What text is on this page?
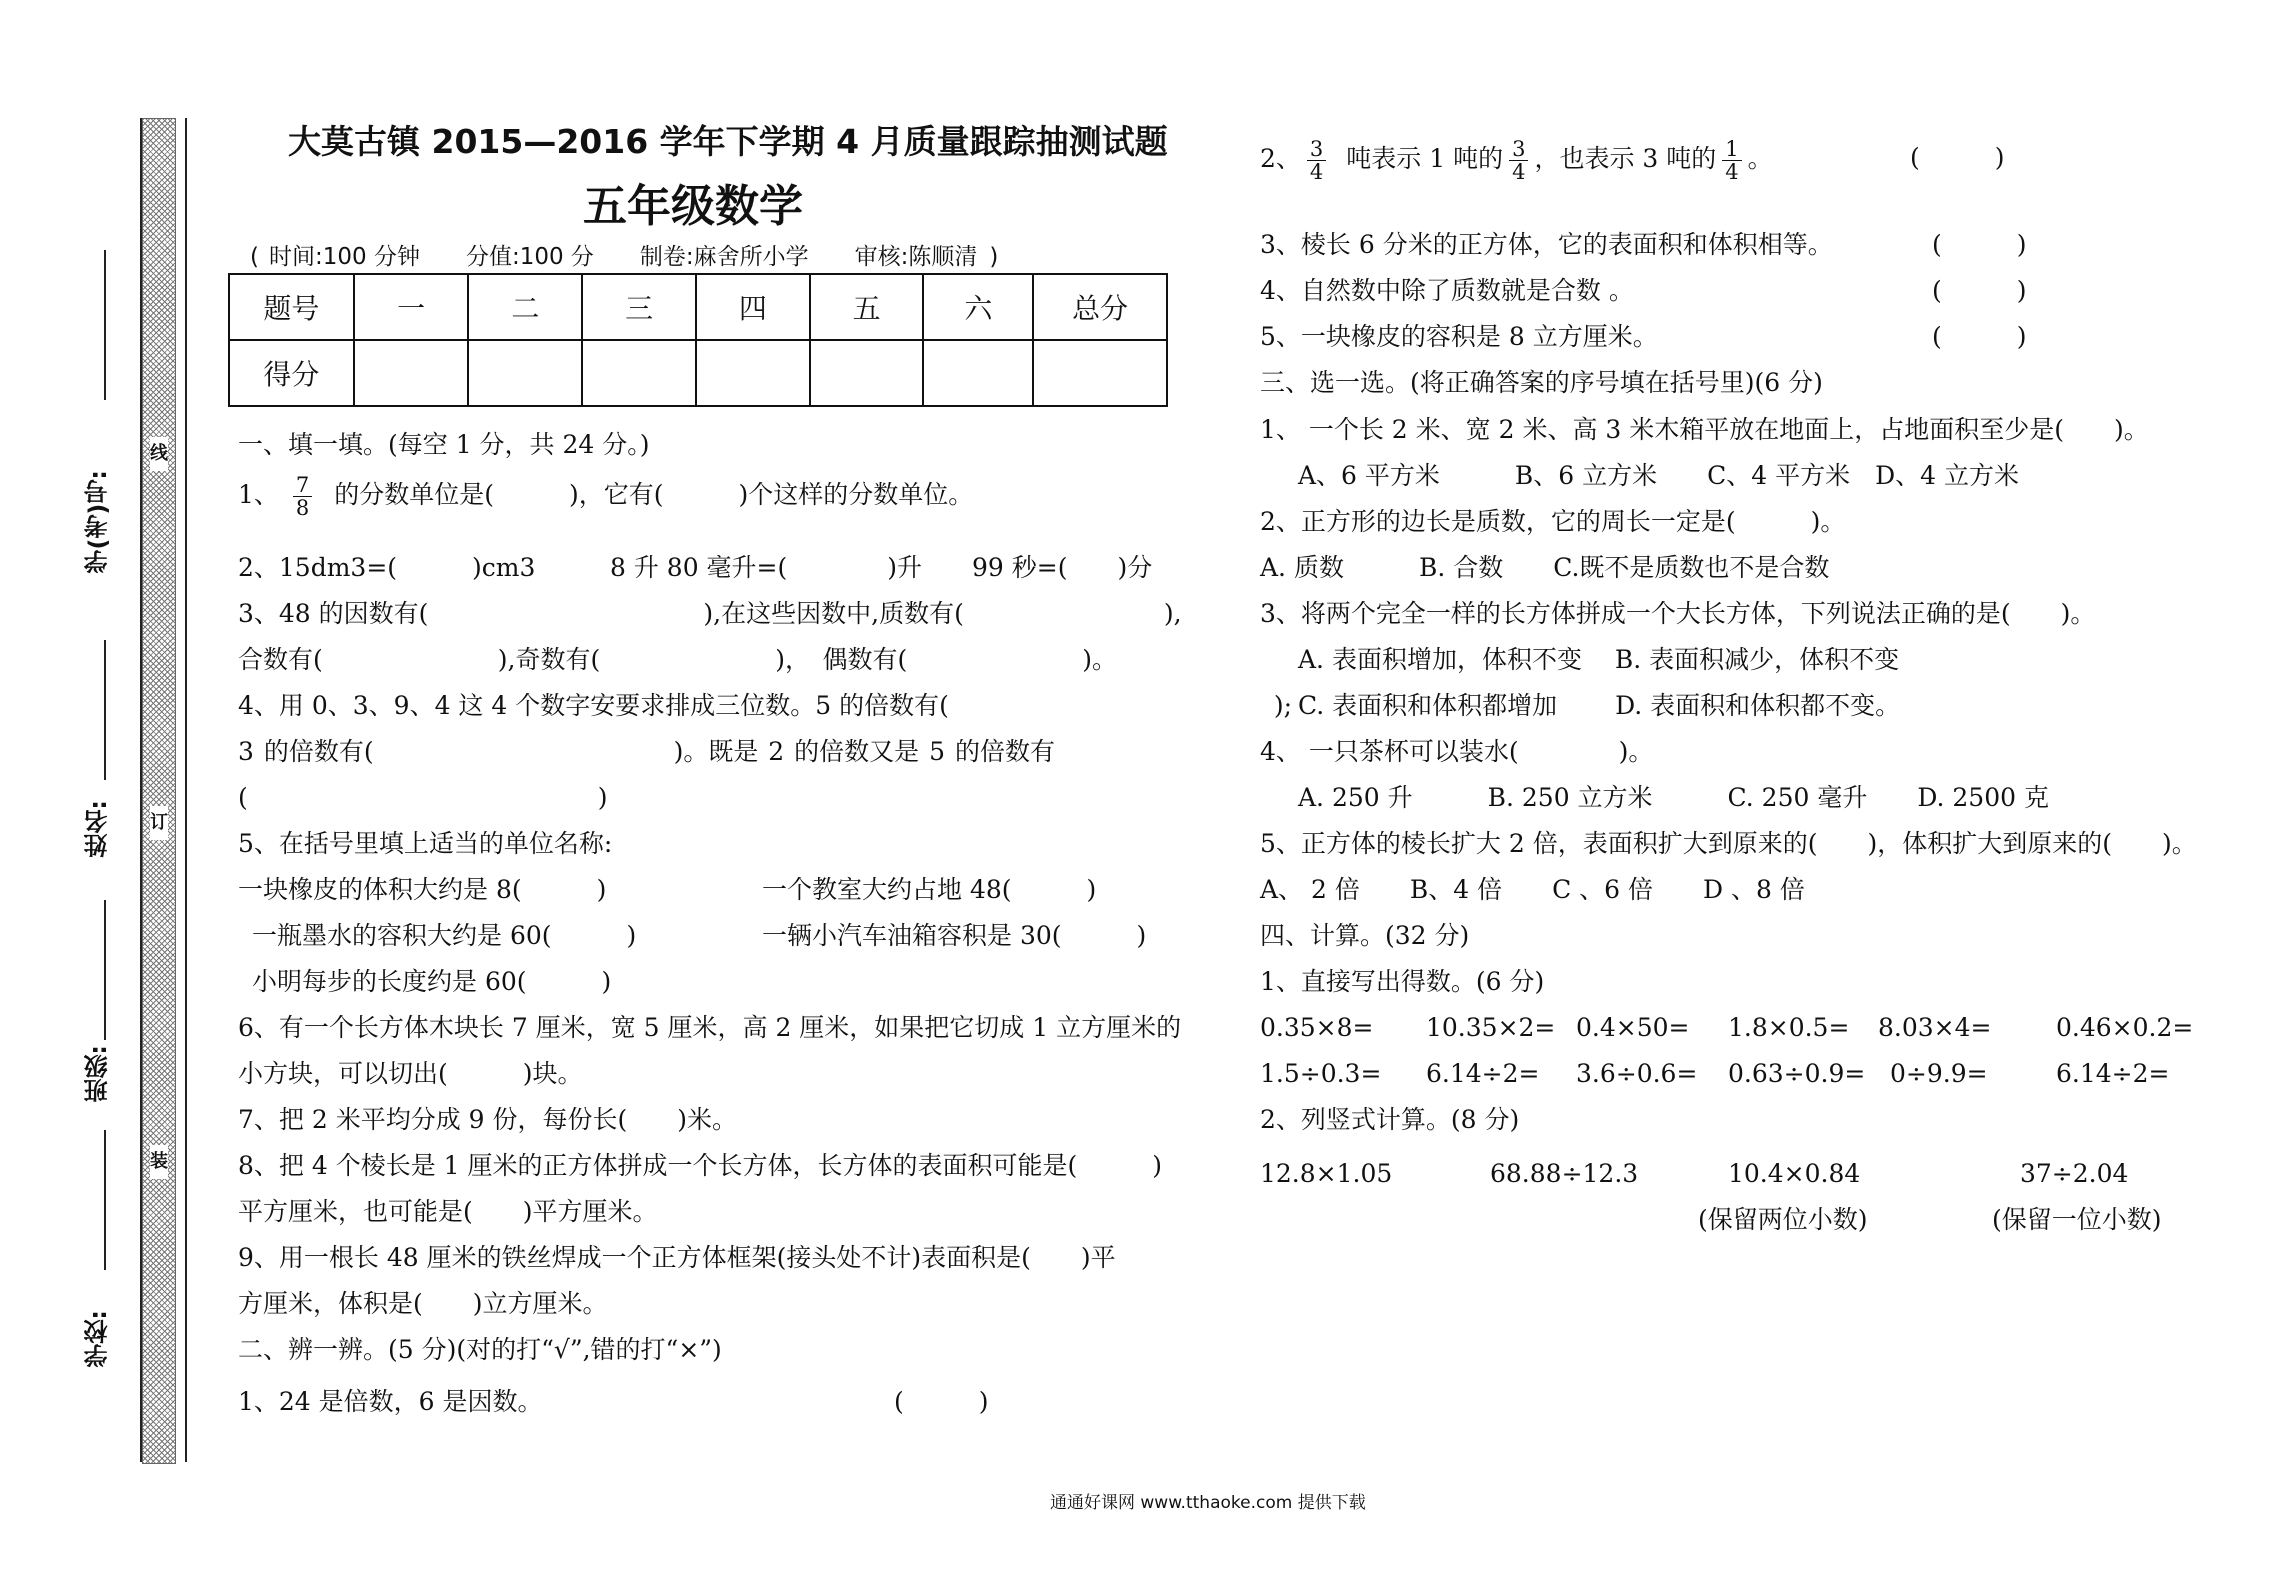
线
订
装
学(考)号:
姓名:
班级:
学校:
大莫古镇 2015—2016 学年下学期 4 月质量跟踪抽测试题
五年级数学
( 时间:100 分钟 分值:100 分 制卷:麻舍所小学 审核:陈顺清 )
题号	一	二	三	四	五	六	总分
得分							
一、填一填。(每空 1 分，共 24 分。)
1、 $\frac{7}{8}$ 的分数单位是(　　　)，它有(　　　)个这样的分数单位。
2、15dm3=(　　　)cm3	8 升 80 毫升=(　　　　)升 99 秒=(　　)分
3、48 的因数有(　　　　　　　　　　　),在这些因数中,质数有(　　　　　　　　),
合数有(　　　　　　　),奇数有(　　　　　　　)，　偶数有(　　　　　　　)。
4、用 0、3、9、4 这 4 个数字安要求排成三位数。5 的倍数有(　　　　　　　　　　　　　);
3 的倍数有(　　　　　　　　　　　　)。既是 2 的倍数又是 5 的倍数有
(　　　　　　　　　　　　　　)
5、在括号里填上适当的单位名称:
一块橡皮的体积大约是 8(　　　)	一个教室大约占地 48(　　　)
一瓶墨水的容积大约是 60(　　　)	一辆小汽车油箱容积是 30(　　　)
小明每步的长度约是 60(　　　)
6、有一个长方体木块长 7 厘米，宽 5 厘米，高 2 厘米，如果把它切成 1 立方厘米的
小方块，可以切出(　　　)块。
7、把 2 米平均分成 9 份，每份长(　　)米。
8、把 4 个棱长是 1 厘米的正方体拼成一个长方体，长方体的表面积可能是(　　　)
平方厘米，也可能是(　　)平方厘米。
9、用一根长 48 厘米的铁丝焊成一个正方体框架(接头处不计)表面积是(　　)平
方厘米，体积是(　　)立方厘米。
二、辨一辨。(5 分)(对的打“√”,错的打“×”)
1、24 是倍数，6 是因数。	(　　　)
2、 $\frac{3}{4}$ 吨表示 1 吨的 $\frac{3}{4}$ ，也表示 3 吨的 $\frac{1}{4}$ 。	(　　　)
3、棱长 6 分米的正方体，它的表面积和体积相等。	(　　　)
4、自然数中除了质数就是合数 。	(　　　)
5、一块橡皮的容积是 8 立方厘米。	(　　　)
三、选一选。(将正确答案的序号填在括号里)(6 分)
1、 一个长 2 米、宽 2 米、高 3 米木箱平放在地面上，占地面积至少是(　　)。
A、6 平方米　　　B、6 立方米　　C、4 平方米　D、4 立方米
2、正方形的边长是质数，它的周长一定是(　　　)。
A. 质数　　　B. 合数　　C.既不是质数也不是合数
3、将两个完全一样的长方体拼成一个大长方体，下列说法正确的是(　　)。
A. 表面积增加，体积不变　 B. 表面积减少，体积不变
C. 表面积和体积都增加　　 D. 表面积和体积都不变。
4、 一只茶杯可以装水(　　　　)。
A. 250 升　　　B. 250 立方米　　　C. 250 毫升　　D. 2500 克
5、正方体的棱长扩大 2 倍，表面积扩大到原来的(　　)，体积扩大到原来的(　　)。
A、 2 倍　　B、4 倍　　C 、6 倍　　D 、8 倍
四、计算。(32 分)
1、直接写出得数。(6 分)
0.35×8= 10.35×2= 0.4×50= 1.8×0.5= 8.03×4=	0.46×0.2=
1.5÷0.3= 6.14÷2= 3.6÷0.6= 0.63÷0.9= 0÷9.9=	6.14÷2=
2、列竖式计算。(8 分)
12.8×1.05	68.88÷12.3	10.4×0.84	37÷2.04
(保留两位小数)	(保留一位小数)
通通好课网 www.tthaoke.com 提供下载
